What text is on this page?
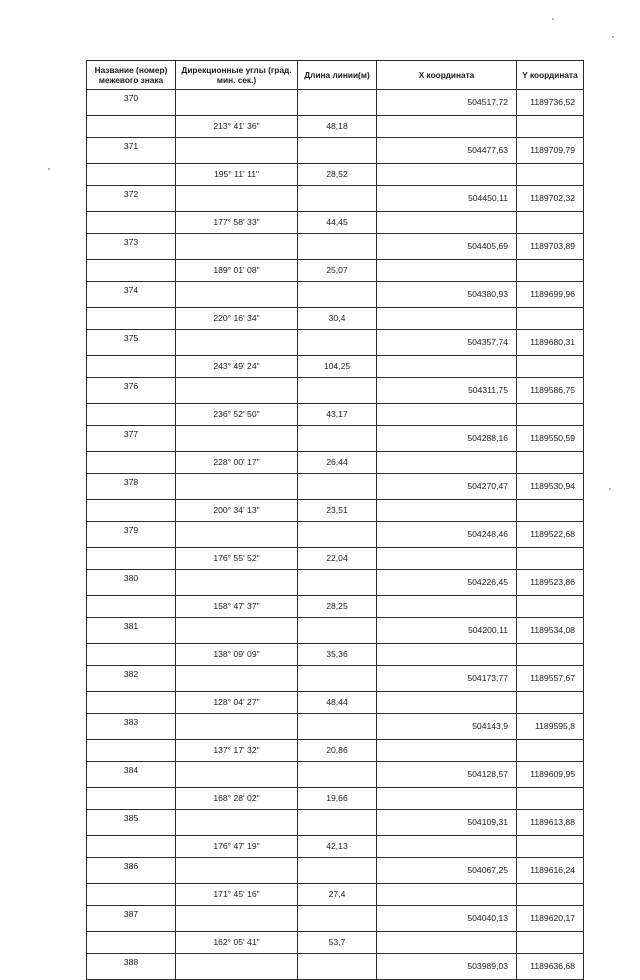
Название (номер) межевого знака	Дирекционные углы (град. мин. сек.)	Длина линии(м)	X координата	Y координата
370			504517,72	1189736,52
	213° 41' 36"	48,18		
371			504477,63	1189709,79
	195° 11' 11"	28,52		
372			504450,11	1189702,32
	177° 58' 33"	44,45		
373			504405,69	1189703,89
	189° 01' 08"	25,07		
374			504380,93	1189699,96
	220° 16' 34"	30,4		
375			504357,74	1189680,31
	243° 49' 24"	104,25		
376			504311,75	1189586,75
	236° 52' 50"	43,17		
377			504288,16	1189550,59
	228° 00' 17"	26,44		
378			504270,47	1189530,94
	200° 34' 13"	23,51		
379			504248,46	1189522,68
	176° 55' 52"	22,04		
380			504226,45	1189523,86
	158° 47' 37"	28,25		
381			504200,11	1189534,08
	138° 09' 09"	35,36		
382			504173,77	1189557,67
	128° 04' 27"	48,44		
383			504143,9	1189595,8
	137° 17' 32"	20,86		
384			504128,57	1189609,95
	168° 28' 02"	19,66		
385			504109,31	1189613,88
	176° 47' 19"	42,13		
386			504067,25	1189616,24
	171° 45' 16"	27,4		
387			504040,13	1189620,17
	162° 05' 41"	53,7		
388			503989,03	1189636,68
